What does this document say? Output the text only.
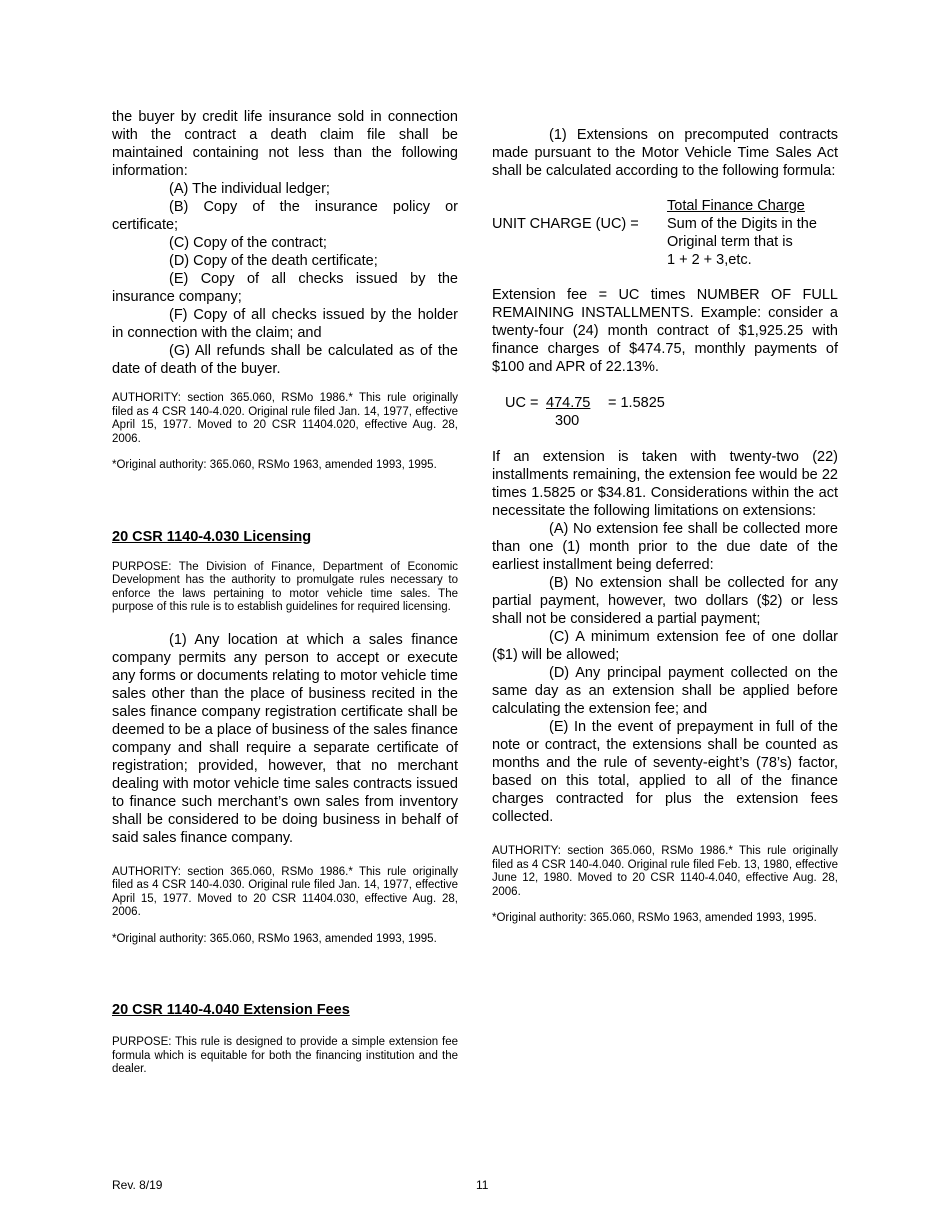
the buyer by credit life insurance sold in connection with the contract a death claim file shall be maintained containing not less than the following information:

(A) The individual ledger;

(B) Copy of the insurance policy or certificate;

(C) Copy of the contract;

(D) Copy of the death certificate;

(E) Copy of all checks issued by the insurance company;

(F) Copy of all checks issued by the holder in connection with the claim; and

(G) All refunds shall be calculated as of the date of death of the buyer.

AUTHORITY: section 365.060, RSMo 1986.* This rule originally filed as 4 CSR 140-4.020. Original rule filed Jan. 14, 1977, effective April 15, 1977. Moved to 20 CSR 11404.020, effective Aug. 28, 2006.

*Original authority: 365.060, RSMo 1963, amended 1993, 1995.

20 CSR 1140-4.030 Licensing

PURPOSE: The Division of Finance, Department of Economic Development has the authority to promulgate rules necessary to enforce the laws pertaining to motor vehicle time sales. The purpose of this rule is to establish guidelines for required licensing.

(1) Any location at which a sales finance company permits any person to accept or execute any forms or documents relating to motor vehicle time sales other than the place of business recited in the sales finance company registration certificate shall be deemed to be a place of business of the sales finance company and shall require a separate certificate of registration; provided, however, that no merchant dealing with motor vehicle time sales contracts issued to finance such merchant’s own sales from inventory shall be considered to be doing business in behalf of said sales finance company.

AUTHORITY: section 365.060, RSMo 1986.* This rule originally filed as 4 CSR 140-4.030. Original rule filed Jan. 14, 1977, effective April 15, 1977. Moved to 20 CSR 11404.030, effective Aug. 28, 2006.

*Original authority: 365.060, RSMo 1963, amended 1993, 1995.

20 CSR 1140-4.040 Extension Fees

PURPOSE: This rule is designed to provide a simple extension fee formula which is equitable for both the financing institution and the dealer.

(1) Extensions on precomputed contracts made pursuant to the Motor Vehicle Time Sales Act shall be calculated according to the following formula:

UNIT CHARGE (UC) =
Total Finance Charge
Sum of the Digits in the
Original term that is
1 + 2 + 3,etc.

Extension fee = UC times NUMBER OF FULL REMAINING INSTALLMENTS. Example: consider a twenty-four (24) month contract of $1,925.25 with finance charges of $474.75, monthly payments of $100 and APR of 22.13%.

UC = 474.75 = 1.5825
300

If an extension is taken with twenty-two (22) installments remaining, the extension fee would be 22 times 1.5825 or $34.81. Considerations within the act necessitate the following limitations on extensions:

(A) No extension fee shall be collected more than one (1) month prior to the due date of the earliest installment being deferred:

(B) No extension shall be collected for any partial payment, however, two dollars ($2) or less shall not be considered a partial payment;

(C) A minimum extension fee of one dollar ($1) will be allowed;

(D) Any principal payment collected on the same day as an extension shall be applied before calculating the extension fee; and

(E) In the event of prepayment in full of the note or contract, the extensions shall be counted as months and the rule of seventy-eight’s (78’s) factor, based on this total, applied to all of the finance charges contracted for plus the extension fees collected.

AUTHORITY: section 365.060, RSMo 1986.* This rule originally filed as 4 CSR 140-4.040. Original rule filed Feb. 13, 1980, effective June 12, 1980. Moved to 20 CSR 1140-4.040, effective Aug. 28, 2006.

*Original authority: 365.060, RSMo 1963, amended 1993, 1995.

Rev. 8/19	11
